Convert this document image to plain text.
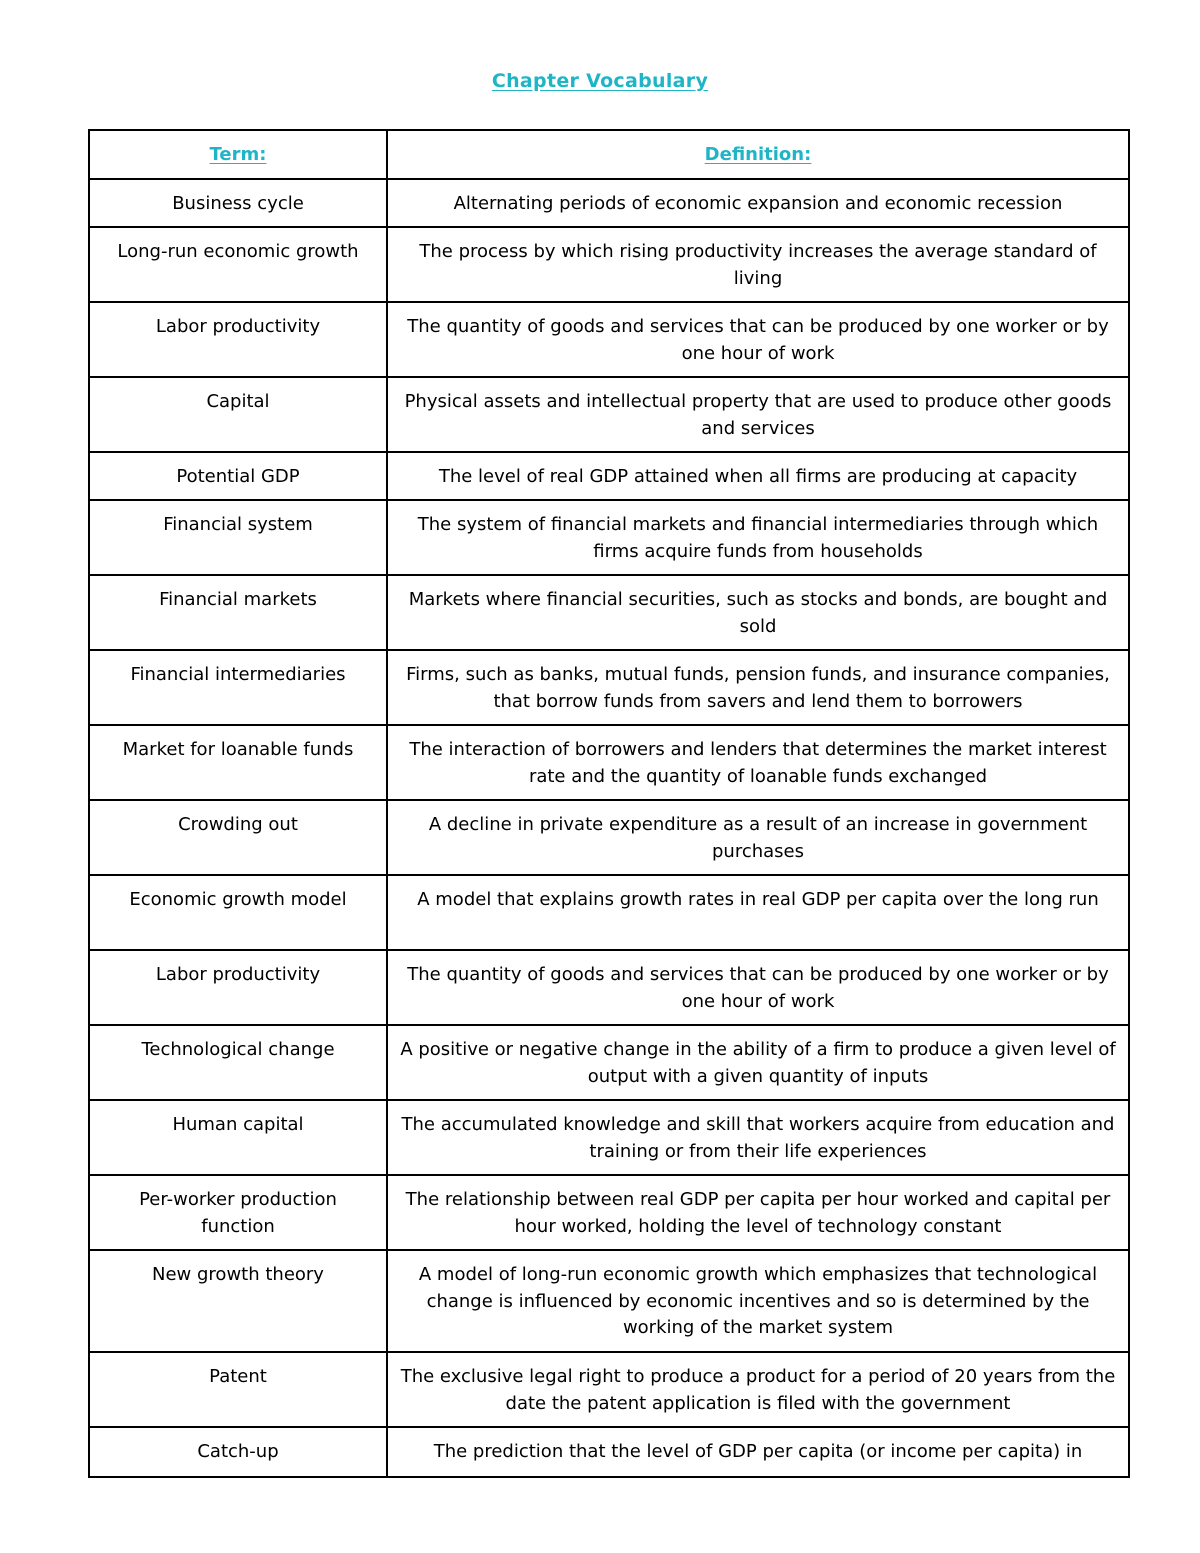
Chapter Vocabulary
Term:	Definition:
Business cycle	Alternating periods of economic expansion and economic recession
Long-run economic growth	The process by which rising productivity increases the average standard of living
Labor productivity	The quantity of goods and services that can be produced by one worker or by one hour of work
Capital	Physical assets and intellectual property that are used to produce other goods and services
Potential GDP	The level of real GDP attained when all firms are producing at capacity
Financial system	The system of financial markets and financial intermediaries through which firms acquire funds from households
Financial markets	Markets where financial securities, such as stocks and bonds, are bought and sold
Financial intermediaries	Firms, such as banks, mutual funds, pension funds, and insurance companies, that borrow funds from savers and lend them to borrowers
Market for loanable funds	The interaction of borrowers and lenders that determines the market interest rate and the quantity of loanable funds exchanged
Crowding out	A decline in private expenditure as a result of an increase in government purchases
Economic growth model	A model that explains growth rates in real GDP per capita over the long run
Labor productivity	The quantity of goods and services that can be produced by one worker or by one hour of work
Technological change	A positive or negative change in the ability of a firm to produce a given level of output with a given quantity of inputs
Human capital	The accumulated knowledge and skill that workers acquire from education and training or from their life experiences
Per-worker production function	The relationship between real GDP per capita per hour worked and capital per hour worked, holding the level of technology constant
New growth theory	A model of long-run economic growth which emphasizes that technological change is influenced by economic incentives and so is determined by the working of the market system
Patent	The exclusive legal right to produce a product for a period of 20 years from the date the patent application is filed with the government
Catch-up	The prediction that the level of GDP per capita (or income per capita) in
